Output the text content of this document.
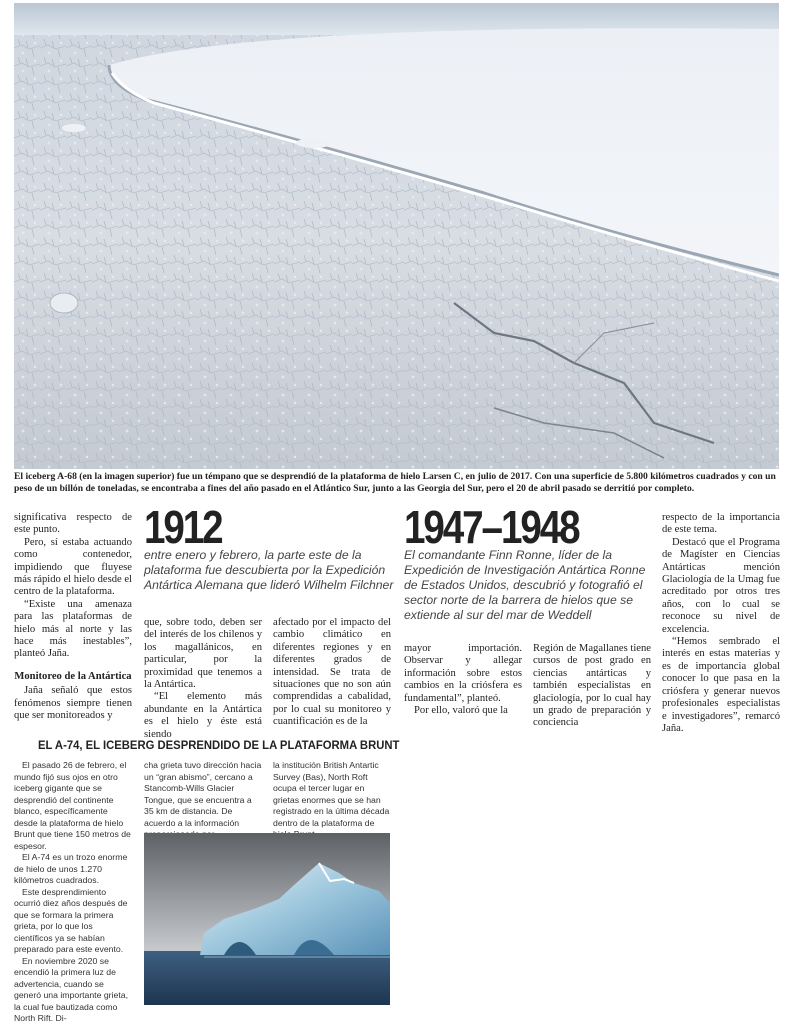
El iceberg A-68 (en la imagen superior) fue un témpano que se desprendió de la plataforma de hielo Larsen C, en julio de 2017. Con una superficie de 5.800 kilómetros cuadrados y con un peso de un billón de toneladas, se encontraba a fines del año pasado en el Atlántico Sur, junto a las Georgia del Sur, pero el 20 de abril pasado se derritió por completo.

significativa respecto de este punto.

Pero, sí estaba actuando como contenedor, impidiendo que fluyese más rápido el hielo desde el centro de la plataforma.

“Existe una amenaza para las plataformas de hielo más al norte y las hace más inestables”, planteó Jaña.

Monitoreo de la Antártica

Jaña señaló que estos fenómenos siempre tienen que ser monitoreados y

1912
entre enero y febrero, la parte este de la plataforma fue descubierta por la Expedición Antártica Alemana que lideró Wilhelm Filchner
1947–1948
El comandante Finn Ronne, líder de la Expedición de Investigación Antártica Ronne de Estados Unidos, descubrió y fotografió el sector norte de la barrera de hielos que se extiende al sur del mar de Weddell

que, sobre todo, deben ser del interés de los chilenos y los magallánicos, en particular, por la proximidad que tenemos a la Antártica.

“El elemento más abundante en la Antártica es el hielo y éste está siendo

afectado por el impacto del cambio climático en diferentes regiones y en diferentes grados de intensidad. Se trata de situaciones que no son aún comprendidas a cabalidad, por lo cual su monitoreo y cuantificación es de la

mayor importación. Observar y allegar información sobre estos cambios en la criósfera es fundamental”, planteó.

Por ello, valoró que la

Región de Magallanes tiene cursos de post grado en ciencias antárticas y también especialistas en glaciología, por lo cual hay un grado de preparación y conciencia

respecto de la importancia de este tema.

Destacó que el Programa de Magíster en Ciencias Antárticas mención Glaciología de la Umag fue acreditado por otros tres años, con lo cual se reconoce su nivel de excelencia.

“Hemos sembrado el interés en estas materias y es de importancia global conocer lo que pasa en la criósfera y generar nuevos profesionales especialistas e investigadores”, remarcó Jaña.

EL A-74, EL ICEBERG DESPRENDIDO DE LA PLATAFORMA BRUNT

El pasado 26 de febrero, el mundo fijó sus ojos en otro iceberg gigante que se desprendió del continente blanco, específicamente desde la plataforma de hielo Brunt que tiene 150 metros de espesor.

El A-74 es un trozo enorme de hielo de unos 1.270 kilómetros cuadrados.

Este desprendimiento ocurrió diez años después de que se formara la primera grieta, por lo que los científicos ya se habían preparado para este evento.

En noviembre 2020 se encendió la primera luz de advertencia, cuando se generó una importante grieta, la cual fue bautizada como North Rift. Di-

cha grieta tuvo dirección hacia un “gran abismo”, cercano a Stancomb-Wills Glacier Tongue, que se encuentra a 35 km de distancia. De acuerdo a la información

la institución British Antartic Survey (Bas), North Roft ocupa el tercer lugar en grietas enormes que se han registrado en la última década dentro de la plataforma de
